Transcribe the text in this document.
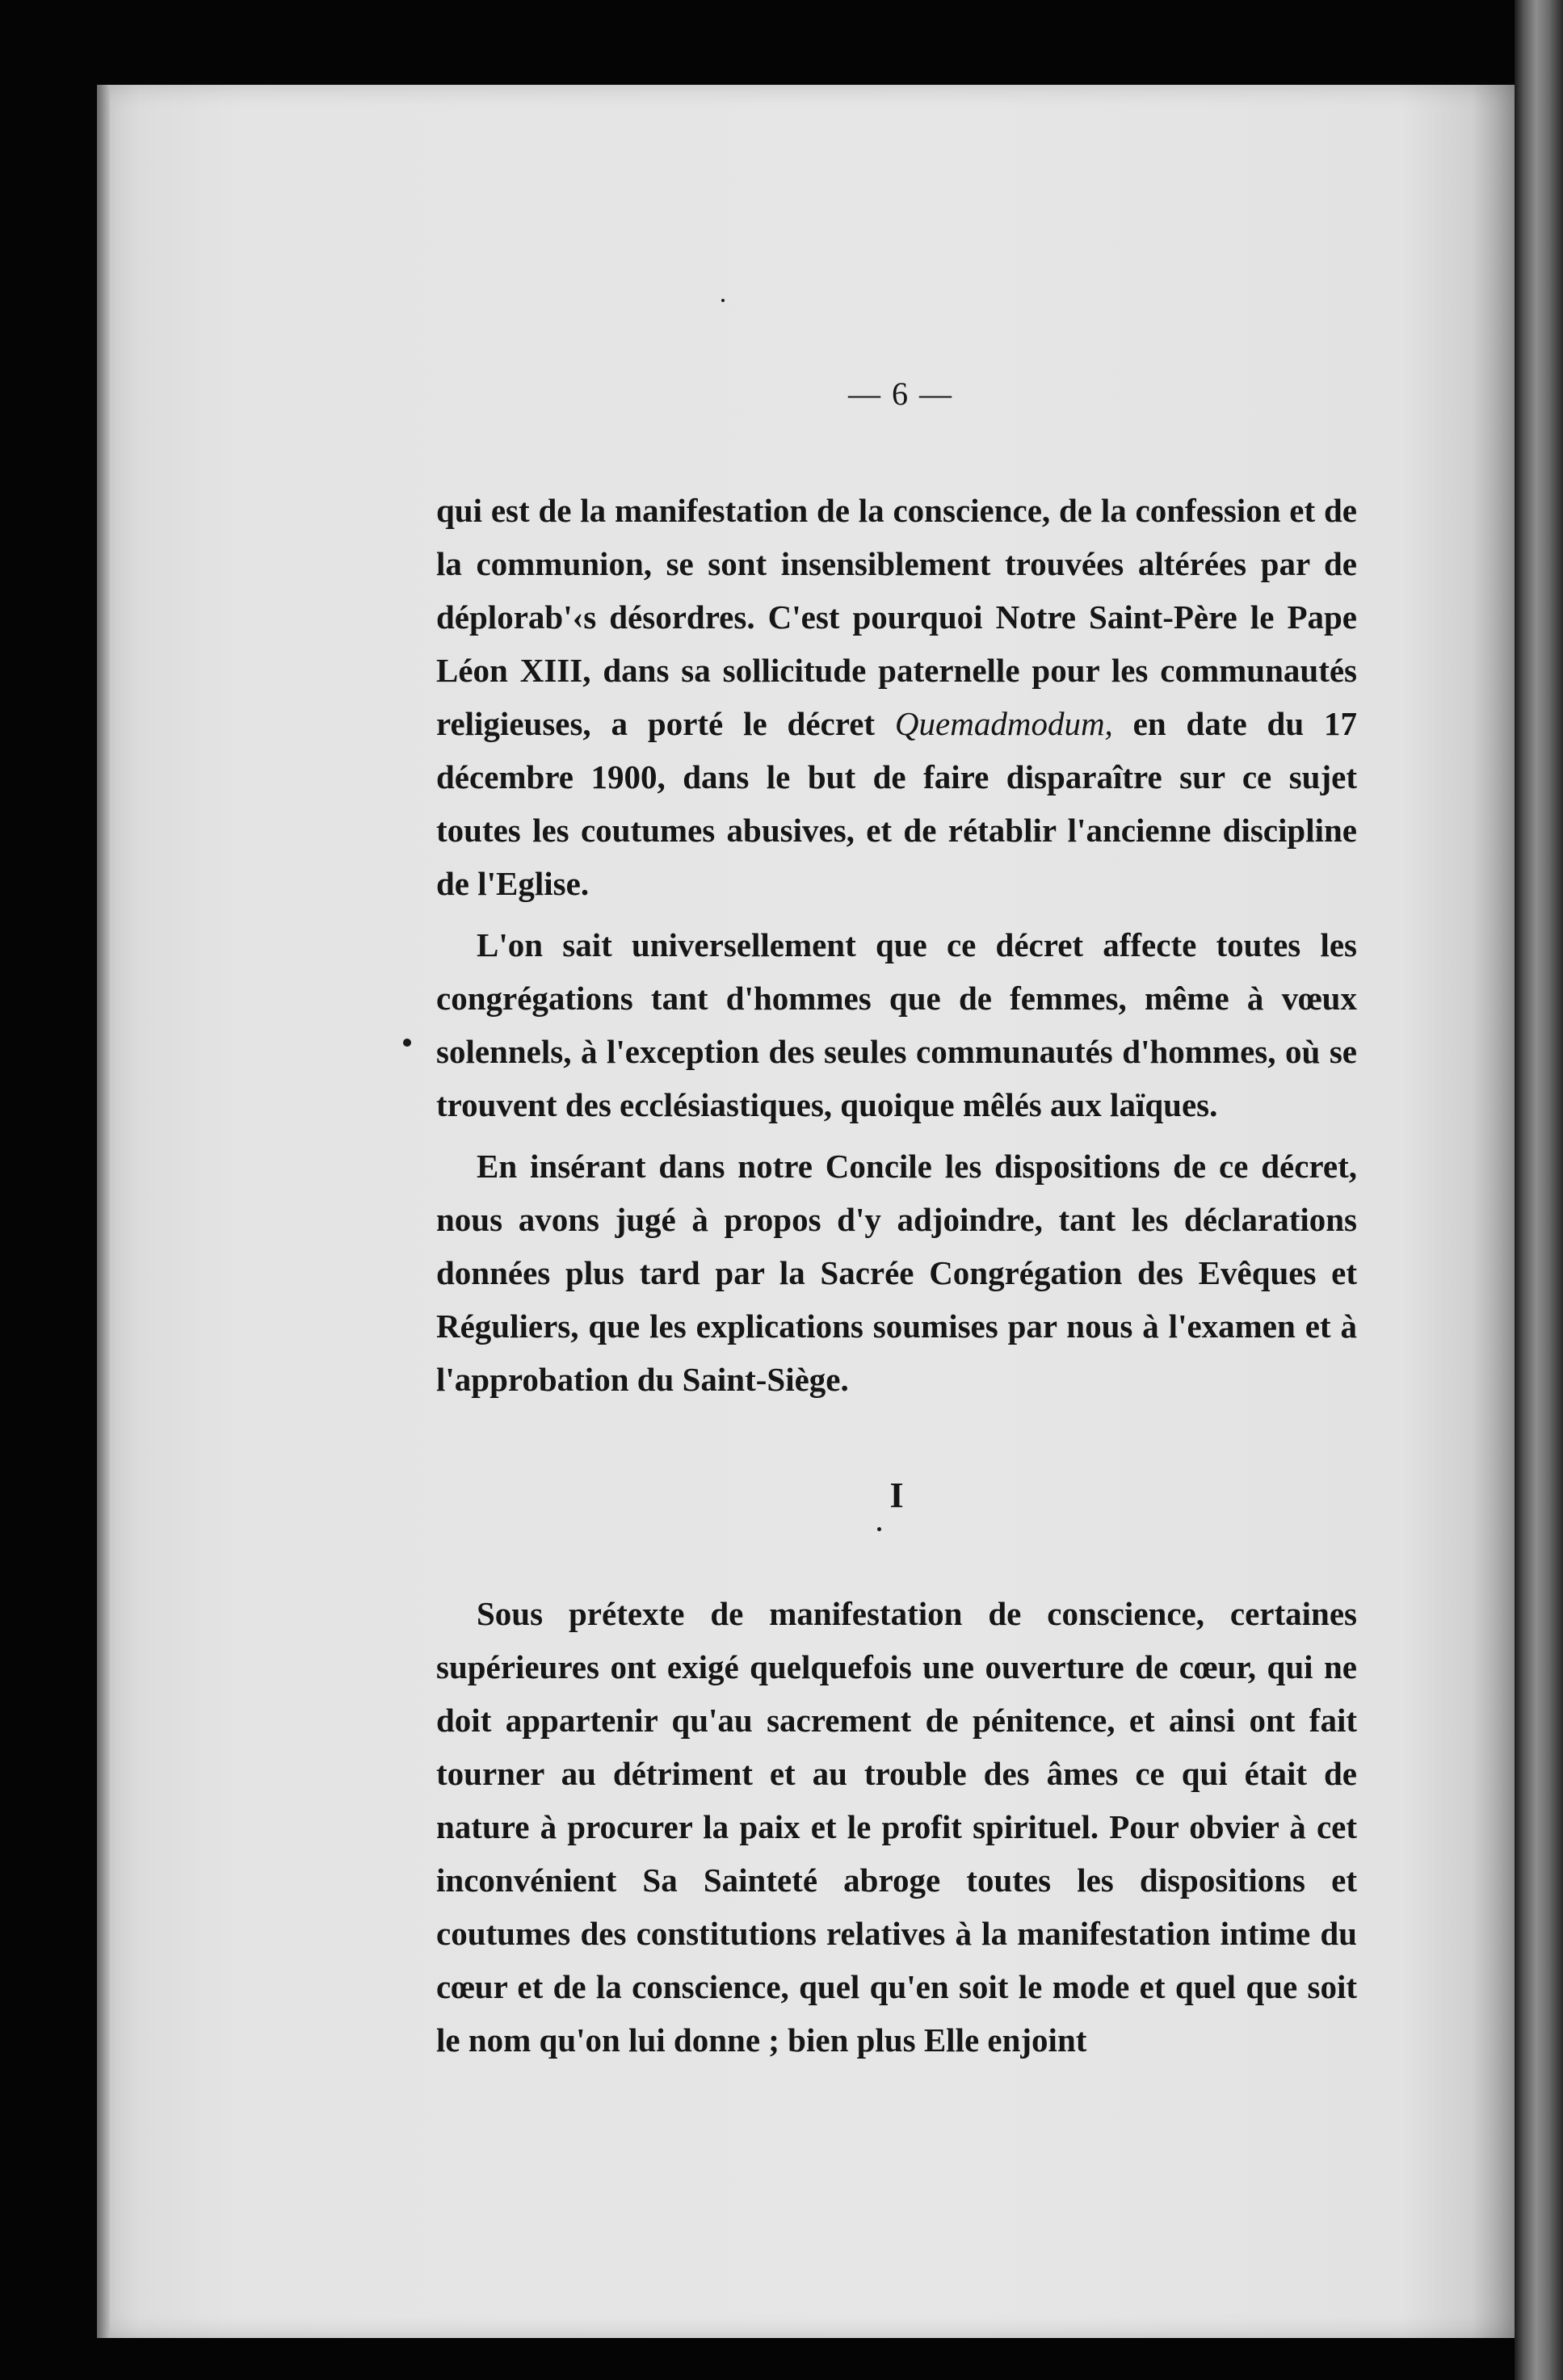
— 6 —

qui est de la manifestation de la conscience, de la confession et de la communion, se sont insensiblement trouvées altérées par de déplorab'‹s désordres. C'est pourquoi Notre Saint-Père le Pape Léon XIII, dans sa sollicitude paternelle pour les communautés religieuses, a porté le décret Quemadmodum, en date du 17 décembre 1900, dans le but de faire disparaître sur ce sujet toutes les coutumes abusives, et de rétablir l'ancienne discipline de l'Eglise.

L'on sait universellement que ce décret affecte toutes les congrégations tant d'hommes que de femmes, même à vœux solennels, à l'exception des seules communautés d'hommes, où se trouvent des ecclésiastiques, quoique mêlés aux laïques.

En insérant dans notre Concile les dispositions de ce décret, nous avons jugé à propos d'y adjoindre, tant les déclarations données plus tard par la Sacrée Congrégation des Evêques et Réguliers, que les explications soumises par nous à l'examen et à l'approbation du Saint-Siège.

I

Sous prétexte de manifestation de conscience, certaines supérieures ont exigé quelquefois une ouverture de cœur, qui ne doit appartenir qu'au sacrement de pénitence, et ainsi ont fait tourner au détriment et au trouble des âmes ce qui était de nature à procurer la paix et le profit spirituel. Pour obvier à cet inconvénient Sa Sainteté abroge toutes les dispositions et coutumes des constitutions relatives à la manifestation intime du cœur et de la conscience, quel qu'en soit le mode et quel que soit le nom qu'on lui donne ; bien plus Elle enjoint
